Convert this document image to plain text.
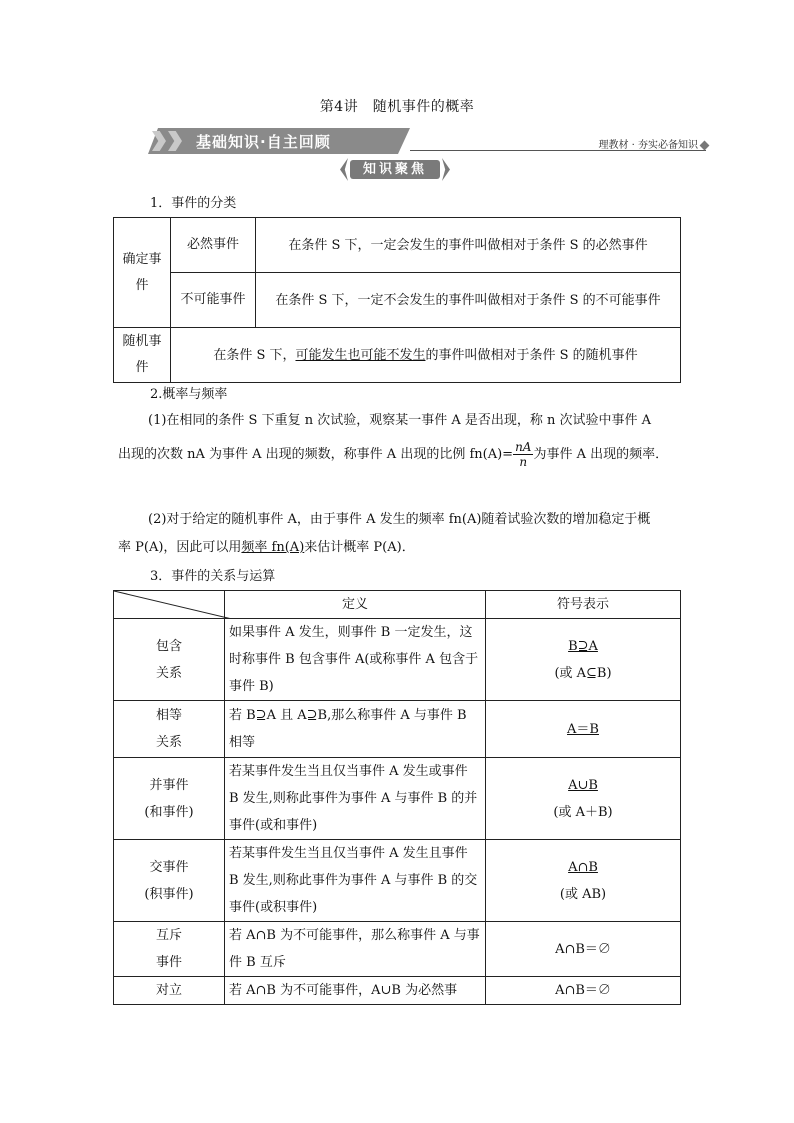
第4讲　随机事件的概率
基础知识·自主回顾	理教材 · 夯实必备知识
知识聚焦
1．事件的分类
确定事件	必然事件	在条件 S 下，一定会发生的事件叫做相对于条件 S 的必然事件
	不可能事件	在条件 S 下，一定不会发生的事件叫做相对于条件 S 的不可能事件
随机事件	在条件 S 下，可能发生也可能不发生的事件叫做相对于条件 S 的随机事件	
2.概率与频率
(1)在相同的条件 S 下重复 n 次试验，观察某一事件 A 是否出现，称 n 次试验中事件 A
出现的次数 nA 为事件 A 出现的频数，称事件 A 出现的比例 $fn(A)= \frac{nA}{n}$ 为事件 A 出现的频率．
(2)对于给定的随机事件 A，由于事件 A 发生的频率 fn(A)随着试验次数的增加稳定于概
率 P(A)，因此可以用频率 fn(A)来估计概率 P(A)．
3．事件的关系与运算
	定义	符号表示
包含关系	如果事件 A 发生，则事件 B 一定发生，这时称事件 B 包含事件 A(或称事件 A 包含于事件 B)	B⊇A
(或 A⊆B)

相等关系	若 B⊇A 且 A⊇B,那么称事件 A 与事件 B 相等	A＝B

并事件(和事件)	若某事件发生当且仅当事件 A 发生或事件 B 发生,则称此事件为事件 A 与事件 B 的并事件(或和事件)	A∪B
(或 A＋B)

交事件(积事件)	若某事件发生当且仅当事件 A 发生且事件 B 发生,则称此事件为事件 A 与事件 B 的交事件(或积事件)	A∩B
(或 AB)

互斥事件	若 A∩B 为不可能事件，那么称事件 A 与事件 B 互斥	A∩B＝∅

对立	若 A∩B 为不可能事件，A∪B 为必然事	A∩B＝∅
